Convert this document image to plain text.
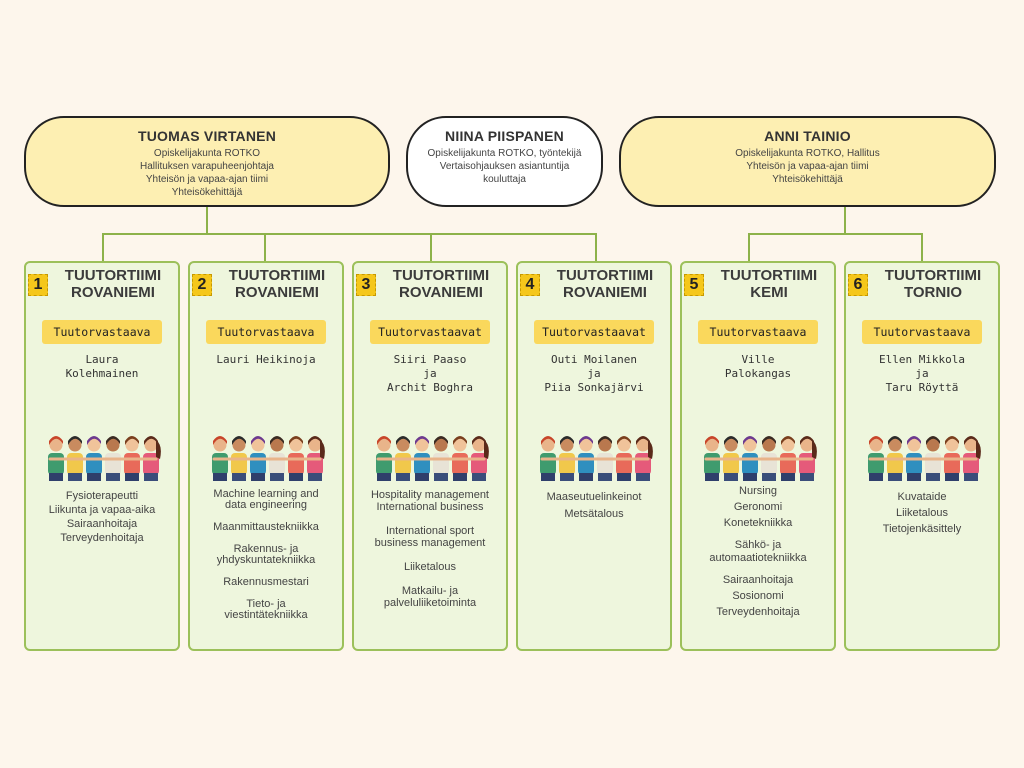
TUOMAS VIRTANEN
Opiskelijakunta ROTKO
Hallituksen varapuheenjohtaja
Yhteisön ja vapaa-ajan tiimi
Yhteisökehittäjä
NIINA PIISPANEN
Opiskelijakunta ROTKO, työntekijä
Vertaisohjauksen asiantuntija
kouluttaja
ANNI TAINIO
Opiskelijakunta ROTKO, Hallitus
Yhteisön ja vapaa-ajan tiimi
Yhteisökehittäjä
1
TUUTORTIIMI
ROVANIEMI
Tuutorvastaava
Laura
Kolehmainen
Fysioterapeutti
Liikunta ja vapaa-aika
Sairaanhoitaja
Terveydenhoitaja
2
TUUTORTIIMI
ROVANIEMI
Tuutorvastaava
Lauri Heikinoja
Machine learning and
data engineering
Maanmittaustekniikka
Rakennus- ja
yhdyskuntatekniikka
Rakennusmestari
Tieto- ja
viestintätekniikka
3
TUUTORTIIMI
ROVANIEMI
Tuutorvastaavat
Siiri Paaso
ja
Archit Boghra
Hospitality management
International business
International sport
business management
Liiketalous
Matkailu- ja
palveluliiketoiminta
4
TUUTORTIIMI
ROVANIEMI
Tuutorvastaavat
Outi Moilanen
ja
Piia Sonkajärvi
Maaseutuelinkeinot
Metsätalous
5
TUUTORTIIMI
KEMI
Tuutorvastaava
Ville
Palokangas
Nursing
Geronomi
Konetekniikka
Sähkö- ja
automaatiotekniikka
Sairaanhoitaja
Sosionomi
Terveydenhoitaja
6
TUUTORTIIMI
TORNIO
Tuutorvastaava
Ellen Mikkola
ja
Taru Röyttä
Kuvataide
Liiketalous
Tietojenkäsittely
